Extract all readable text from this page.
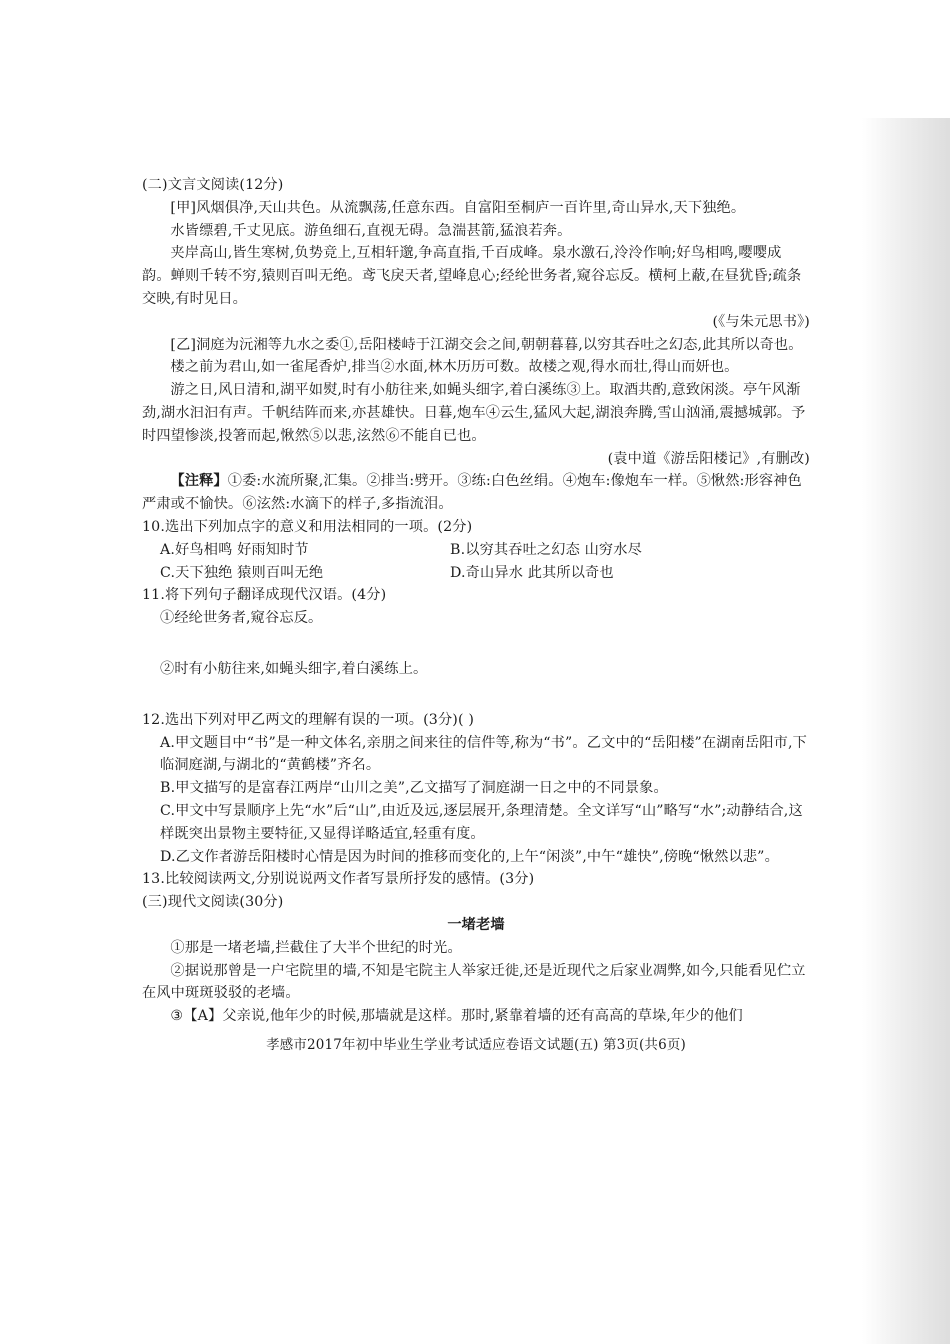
(二)文言文阅读(12分)

[甲]风烟俱净,天山共色。从流飘荡,任意东西。自富阳至桐庐一百许里,奇山异水,天下独绝。

水皆缥碧,千丈见底。游鱼细石,直视无碍。急湍甚箭,猛浪若奔。

夹岸高山,皆生寒树,负势竞上,互相轩邈,争高直指,千百成峰。泉水激石,泠泠作响;好鸟相鸣,嘤嘤成韵。蝉则千转不穷,猿则百叫无绝。鸢飞戾天者,望峰息心;经纶世务者,窥谷忘反。横柯上蔽,在昼犹昏;疏条交映,有时见日。

(《与朱元思书》)

[乙]洞庭为沅湘等九水之委①,岳阳楼峙于江湖交会之间,朝朝暮暮,以穷其吞吐之幻态,此其所以奇也。

楼之前为君山,如一雀尾香炉,排当②水面,林木历历可数。故楼之观,得水而壮,得山而妍也。

游之日,风日清和,湖平如熨,时有小舫往来,如蝇头细字,着白溪练③上。取酒共酌,意致闲淡。亭午风渐劲,湖水汩汩有声。千帆结阵而来,亦甚雄快。日暮,炮车④云生,猛风大起,湖浪奔腾,雪山汹涌,震撼城郭。予时四望惨淡,投箸而起,愀然⑤以悲,泫然⑥不能自已也。

(袁中道《游岳阳楼记》,有删改)

【注释】①委:水流所聚,汇集。②排当:劈开。③练:白色丝绢。④炮车:像炮车一样。⑤愀然:形容神色严肃或不愉快。⑥泫然:水滴下的样子,多指流泪。

10.选出下列加点字的意义和用法相同的一项。(2分)
A.好鸟相鸣 好雨知时节	B.以穷其吞吐之幻态 山穷水尽
C.天下独绝 猿则百叫无绝	D.奇山异水 此其所以奇也
11.将下列句子翻译成现代汉语。(4分)
①经纶世务者,窥谷忘反。
②时有小舫往来,如蝇头细字,着白溪练上。
12.选出下列对甲乙两文的理解有误的一项。(3分)( )
A.甲文题目中“书”是一种文体名,亲朋之间来往的信件等,称为“书”。乙文中的“岳阳楼”在湖南岳阳市,下临洞庭湖,与湖北的“黄鹤楼”齐名。
B.甲文描写的是富春江两岸“山川之美”,乙文描写了洞庭湖一日之中的不同景象。
C.甲文中写景顺序上先“水”后“山”,由近及远,逐层展开,条理清楚。全文详写“山”略写“水”;动静结合,这样既突出景物主要特征,又显得详略适宜,轻重有度。
D.乙文作者游岳阳楼时心情是因为时间的推移而变化的,上午“闲淡”,中午“雄快”,傍晚“愀然以悲”。
13.比较阅读两文,分别说说两文作者写景所抒发的感情。(3分)
(三)现代文阅读(30分)
一堵老墙

①那是一堵老墙,拦截住了大半个世纪的时光。

②据说那曾是一户宅院里的墙,不知是宅院主人举家迁徙,还是近现代之后家业凋弊,如今,只能看见伫立在风中斑斑驳驳的老墙。

③【A】父亲说,他年少的时候,那墙就是这样。那时,紧靠着墙的还有高高的草垛,年少的他们

孝感市2017年初中毕业生学业考试适应卷语文试题(五) 第3页(共6页)
